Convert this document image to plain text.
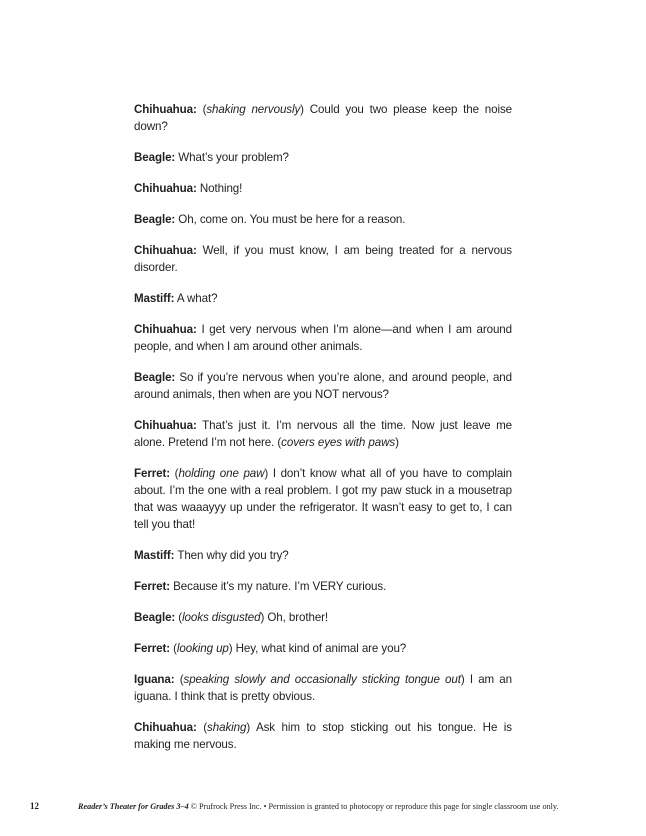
Chihuahua: (shaking nervously) Could you two please keep the noise down?

Beagle: What’s your problem?

Chihuahua: Nothing!

Beagle: Oh, come on. You must be here for a reason.

Chihuahua: Well, if you must know, I am being treated for a nervous disorder.

Mastiff: A what?

Chihuahua: I get very nervous when I’m alone—and when I am around people, and when I am around other animals.

Beagle: So if you’re nervous when you’re alone, and around people, and around animals, then when are you NOT nervous?

Chihuahua: That’s just it. I’m nervous all the time. Now just leave me alone. Pretend I’m not here. (covers eyes with paws)

Ferret: (holding one paw) I don’t know what all of you have to complain about. I’m the one with a real problem. I got my paw stuck in a mousetrap that was waaayyy up under the refrigerator. It wasn’t easy to get to, I can tell you that!

Mastiff: Then why did you try?

Ferret: Because it’s my nature. I’m VERY curious.

Beagle: (looks disgusted) Oh, brother!

Ferret: (looking up) Hey, what kind of animal are you?

Iguana: (speaking slowly and occasionally sticking tongue out) I am an iguana. I think that is pretty obvious.

Chihuahua: (shaking) Ask him to stop sticking out his tongue. He is making me nervous.

12	Reader’s Theater for Grades 3–4 © Prufrock Press Inc. • Permission is granted to photocopy or reproduce this page for single classroom use only.
